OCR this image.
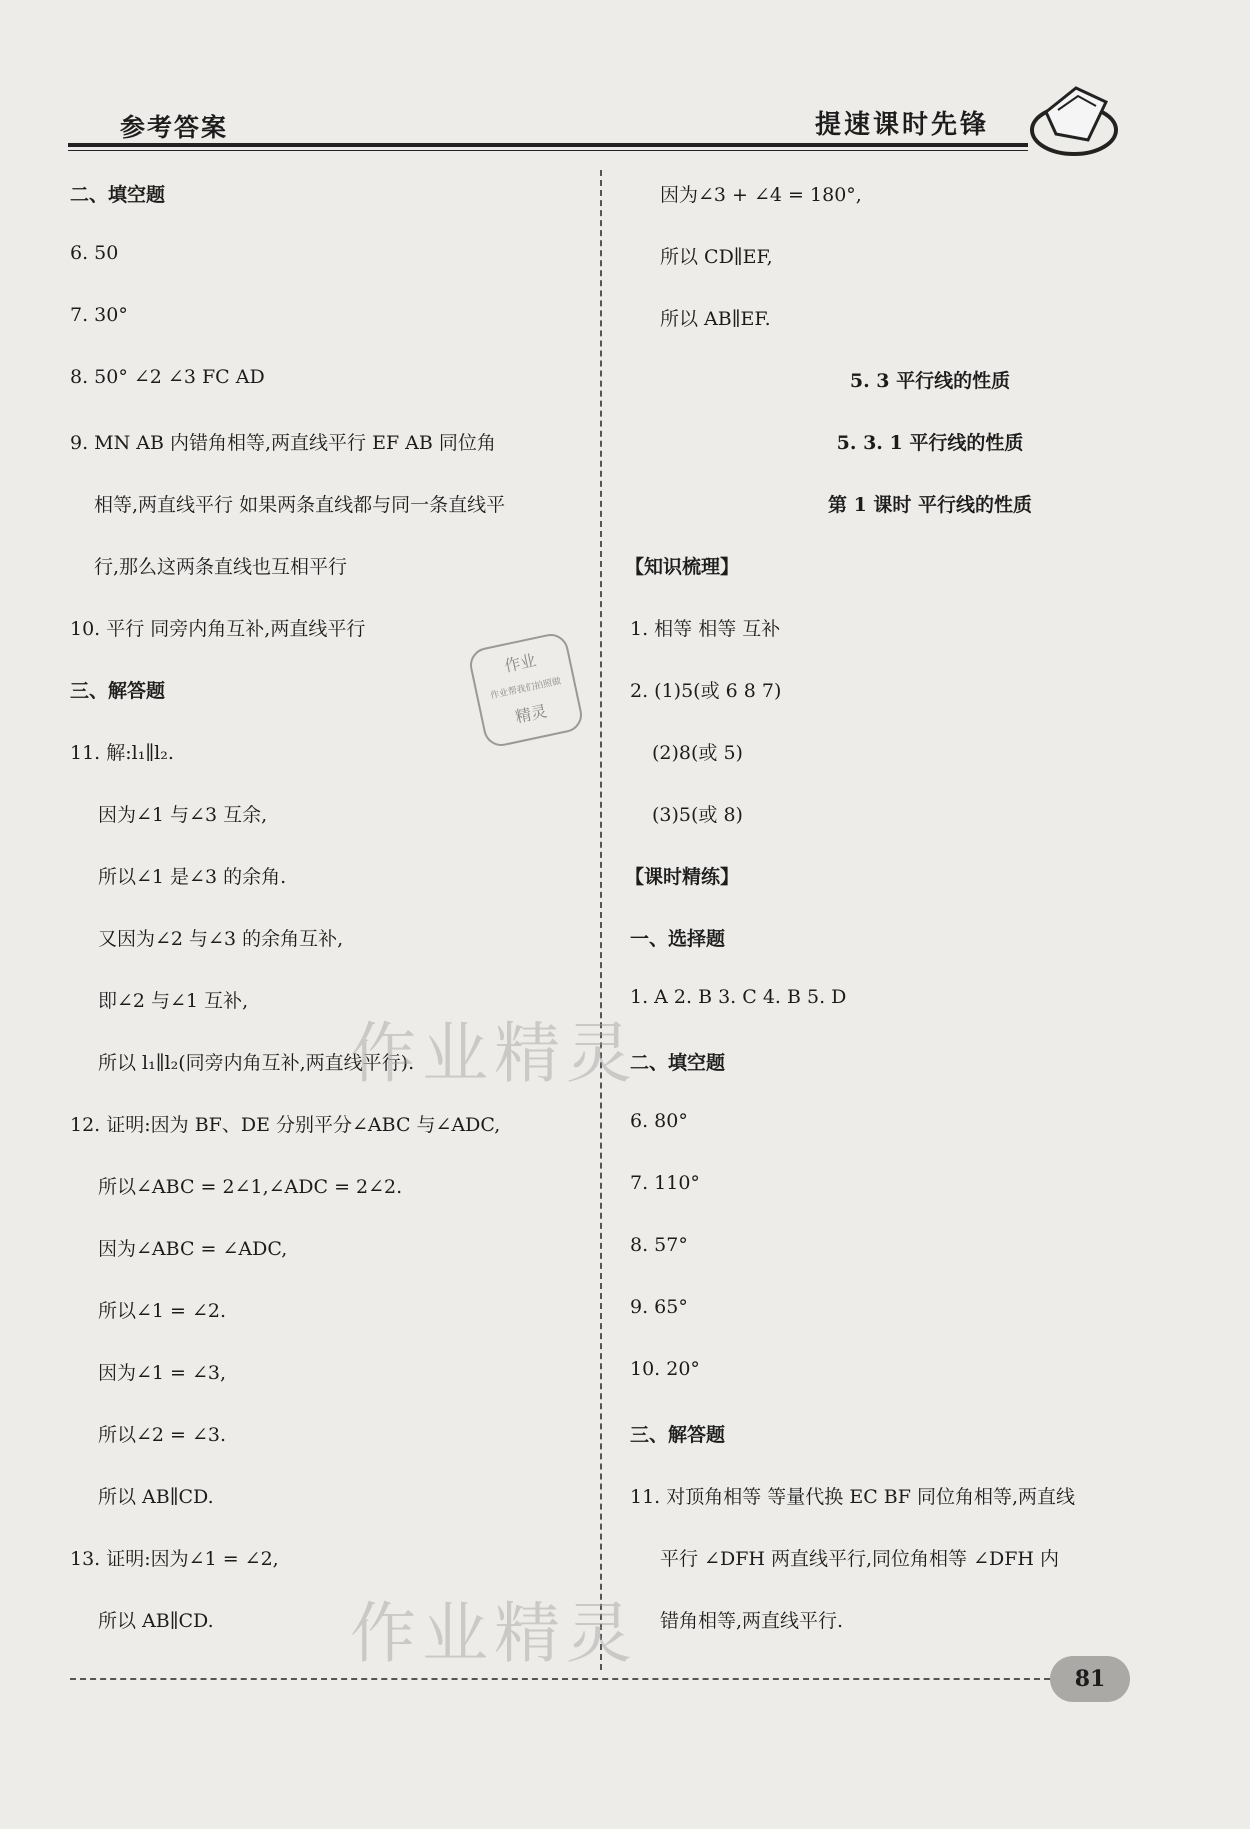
参考答案	提速课时先锋
二、填空题
6. 50
7. 30°
8. 50° ∠2 ∠3 FC AD
9. MN AB 内错角相等,两直线平行 EF AB 同位角
相等,两直线平行 如果两条直线都与同一条直线平
行,那么这两条直线也互相平行
10. 平行 同旁内角互补,两直线平行
三、解答题
11. 解:l₁∥l₂.
因为∠1 与∠3 互余,
所以∠1 是∠3 的余角.
又因为∠2 与∠3 的余角互补,
即∠2 与∠1 互补,
所以 l₁∥l₂(同旁内角互补,两直线平行).
12. 证明:因为 BF、DE 分别平分∠ABC 与∠ADC,
所以∠ABC = 2∠1,∠ADC = 2∠2.
因为∠ABC = ∠ADC,
所以∠1 = ∠2.
因为∠1 = ∠3,
所以∠2 = ∠3.
所以 AB∥CD.
13. 证明:因为∠1 = ∠2,
所以 AB∥CD.
因为∠3 + ∠4 = 180°,
所以 CD∥EF,
所以 AB∥EF.
5. 3 平行线的性质
5. 3. 1 平行线的性质
第 1 课时 平行线的性质
【知识梳理】
1. 相等 相等 互补
2. (1)5(或 6 8 7)
(2)8(或 5)
(3)5(或 8)
【课时精练】
一、选择题
1. A 2. B 3. C 4. B 5. D
二、填空题
6. 80°
7. 110°
8. 57°
9. 65°
10. 20°
三、解答题
11. 对顶角相等 等量代换 EC BF 同位角相等,两直线
平行 ∠DFH 两直线平行,同位角相等 ∠DFH 内
错角相等,两直线平行.
作业精灵
作业精灵
作业
作业帮我们拍照做
精灵
81
